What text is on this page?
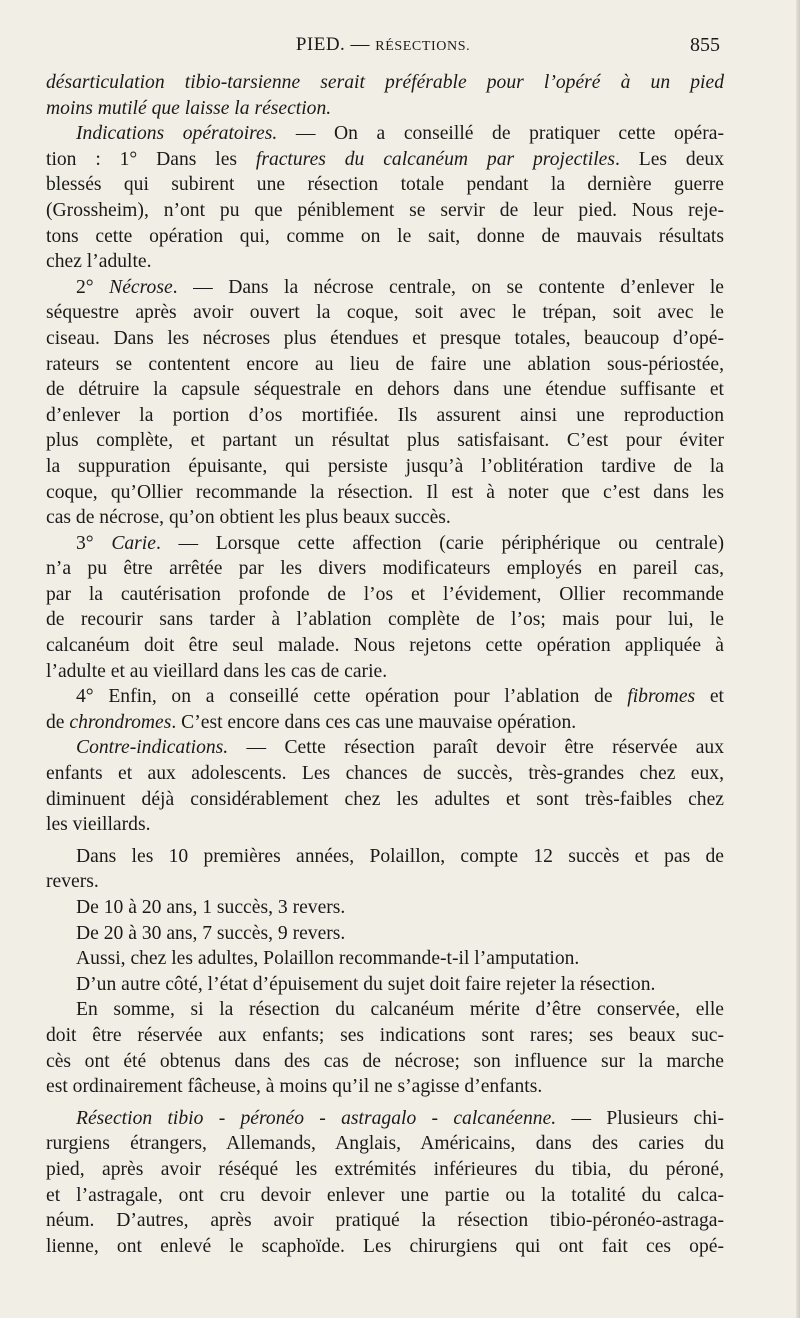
PIED. — RÉSECTIONS.	855
désarticulation tibio-tarsienne serait préférable pour l’opéré à un pied
moins mutilé que laisse la résection.
Indications opératoires. — On a conseillé de pratiquer cette opéra-
tion : 1° Dans les fractures du calcanéum par projectiles. Les deux
blessés qui subirent une résection totale pendant la dernière guerre
(Grossheim), n’ont pu que péniblement se servir de leur pied. Nous reje-
tons cette opération qui, comme on le sait, donne de mauvais résultats
chez l’adulte.
2° Nécrose. — Dans la nécrose centrale, on se contente d’enlever le
séquestre après avoir ouvert la coque, soit avec le trépan, soit avec le
ciseau. Dans les nécroses plus étendues et presque totales, beaucoup d’opé-
rateurs se contentent encore au lieu de faire une ablation sous-périostée,
de détruire la capsule séquestrale en dehors dans une étendue suffisante et
d’enlever la portion d’os mortifiée. Ils assurent ainsi une reproduction
plus complète, et partant un résultat plus satisfaisant. C’est pour éviter
la suppuration épuisante, qui persiste jusqu’à l’oblitération tardive de la
coque, qu’Ollier recommande la résection. Il est à noter que c’est dans les
cas de nécrose, qu’on obtient les plus beaux succès.
3° Carie. — Lorsque cette affection (carie périphérique ou centrale)
n’a pu être arrêtée par les divers modificateurs employés en pareil cas,
par la cautérisation profonde de l’os et l’évidement, Ollier recommande
de recourir sans tarder à l’ablation complète de l’os; mais pour lui, le
calcanéum doit être seul malade. Nous rejetons cette opération appliquée à
l’adulte et au vieillard dans les cas de carie.
4° Enfin, on a conseillé cette opération pour l’ablation de fibromes et
de chrondromes. C’est encore dans ces cas une mauvaise opération.
Contre-indications. — Cette résection paraît devoir être réservée aux
enfants et aux adolescents. Les chances de succès, très-grandes chez eux,
diminuent déjà considérablement chez les adultes et sont très-faibles chez
les vieillards.
Dans les 10 premières années, Polaillon, compte 12 succès et pas de
revers.
De 10 à 20 ans, 1 succès, 3 revers.
De 20 à 30 ans, 7 succès, 9 revers.
Aussi, chez les adultes, Polaillon recommande-t-il l’amputation.
D’un autre côté, l’état d’épuisement du sujet doit faire rejeter la résection.
En somme, si la résection du calcanéum mérite d’être conservée, elle
doit être réservée aux enfants; ses indications sont rares; ses beaux suc-
cès ont été obtenus dans des cas de nécrose; son influence sur la marche
est ordinairement fâcheuse, à moins qu’il ne s’agisse d’enfants.
Résection tibio - péronéo - astragalo - calcanéenne. — Plusieurs chi-
rurgiens étrangers, Allemands, Anglais, Américains, dans des caries du
pied, après avoir réséqué les extrémités inférieures du tibia, du péroné,
et l’astragale, ont cru devoir enlever une partie ou la totalité du calca-
néum. D’autres, après avoir pratiqué la résection tibio-péronéo-astraga-
lienne, ont enlevé le scaphoïde. Les chirurgiens qui ont fait ces opé-
